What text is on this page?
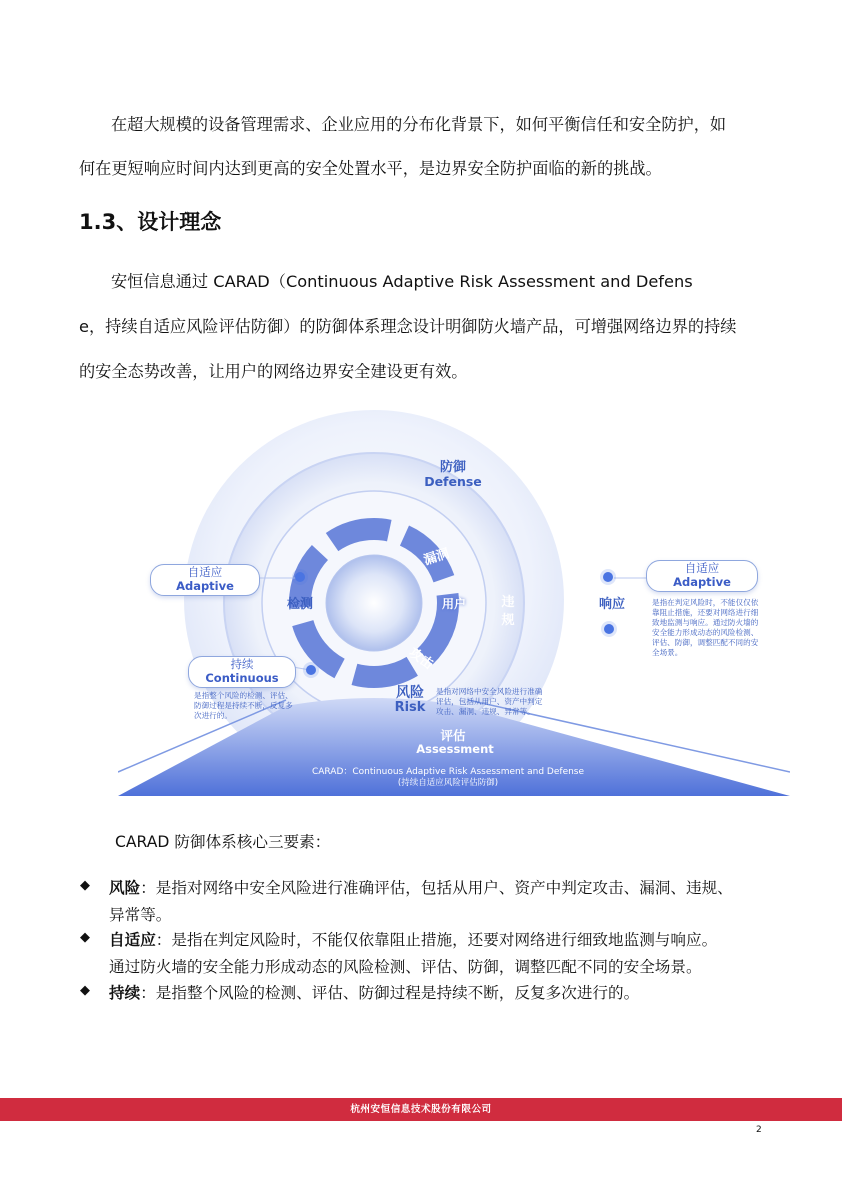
在超大规模的设备管理需求、企业应用的分布化背景下，如何平衡信任和安全防护，如
何在更短响应时间内达到更高的安全处置水平，是边界安全防护面临的新的挑战。
1.3、设计理念
安恒信息通过 CARAD（Continuous Adaptive Risk Assessment and Defens
e，持续自适应风险评估防御）的防御体系理念设计明御防火墙产品，可增强网络边界的持续
的安全态势改善，让用户的网络边界安全建设更有效。
防御
Defense
检测	响应
用户
漏洞
违规
攻击
风险
Risk
是指对网络中安全风险进行准确评估，包括从用户、资产中判定攻击、漏洞、违规、异常等。
评估
Assessment
CARAD：Continuous Adaptive Risk Assessment and Defense
(持续自适应风险评估防御)
自适应
Adaptive
自适应
Adaptive
是指在判定风险时，不能仅仅依靠阻止措施，还要对网络进行细致地监测与响应。通过防火墙的安全能力形成动态的风险检测、评估、防御，调整匹配不同的安全场景。
持续
Continuous
是指整个风险的检测、评估、防御过程是持续不断，反复多次进行的。
CARAD 防御体系核心三要素：
◆ 风险：是指对网络中安全风险进行准确评估，包括从用户、资产中判定攻击、漏洞、违规、
异常等。
◆ 自适应：是指在判定风险时，不能仅依靠阻止措施，还要对网络进行细致地监测与响应。
通过防火墙的安全能力形成动态的风险检测、评估、防御，调整匹配不同的安全场景。
◆ 持续：是指整个风险的检测、评估、防御过程是持续不断，反复多次进行的。
杭州安恒信息技术股份有限公司
2
